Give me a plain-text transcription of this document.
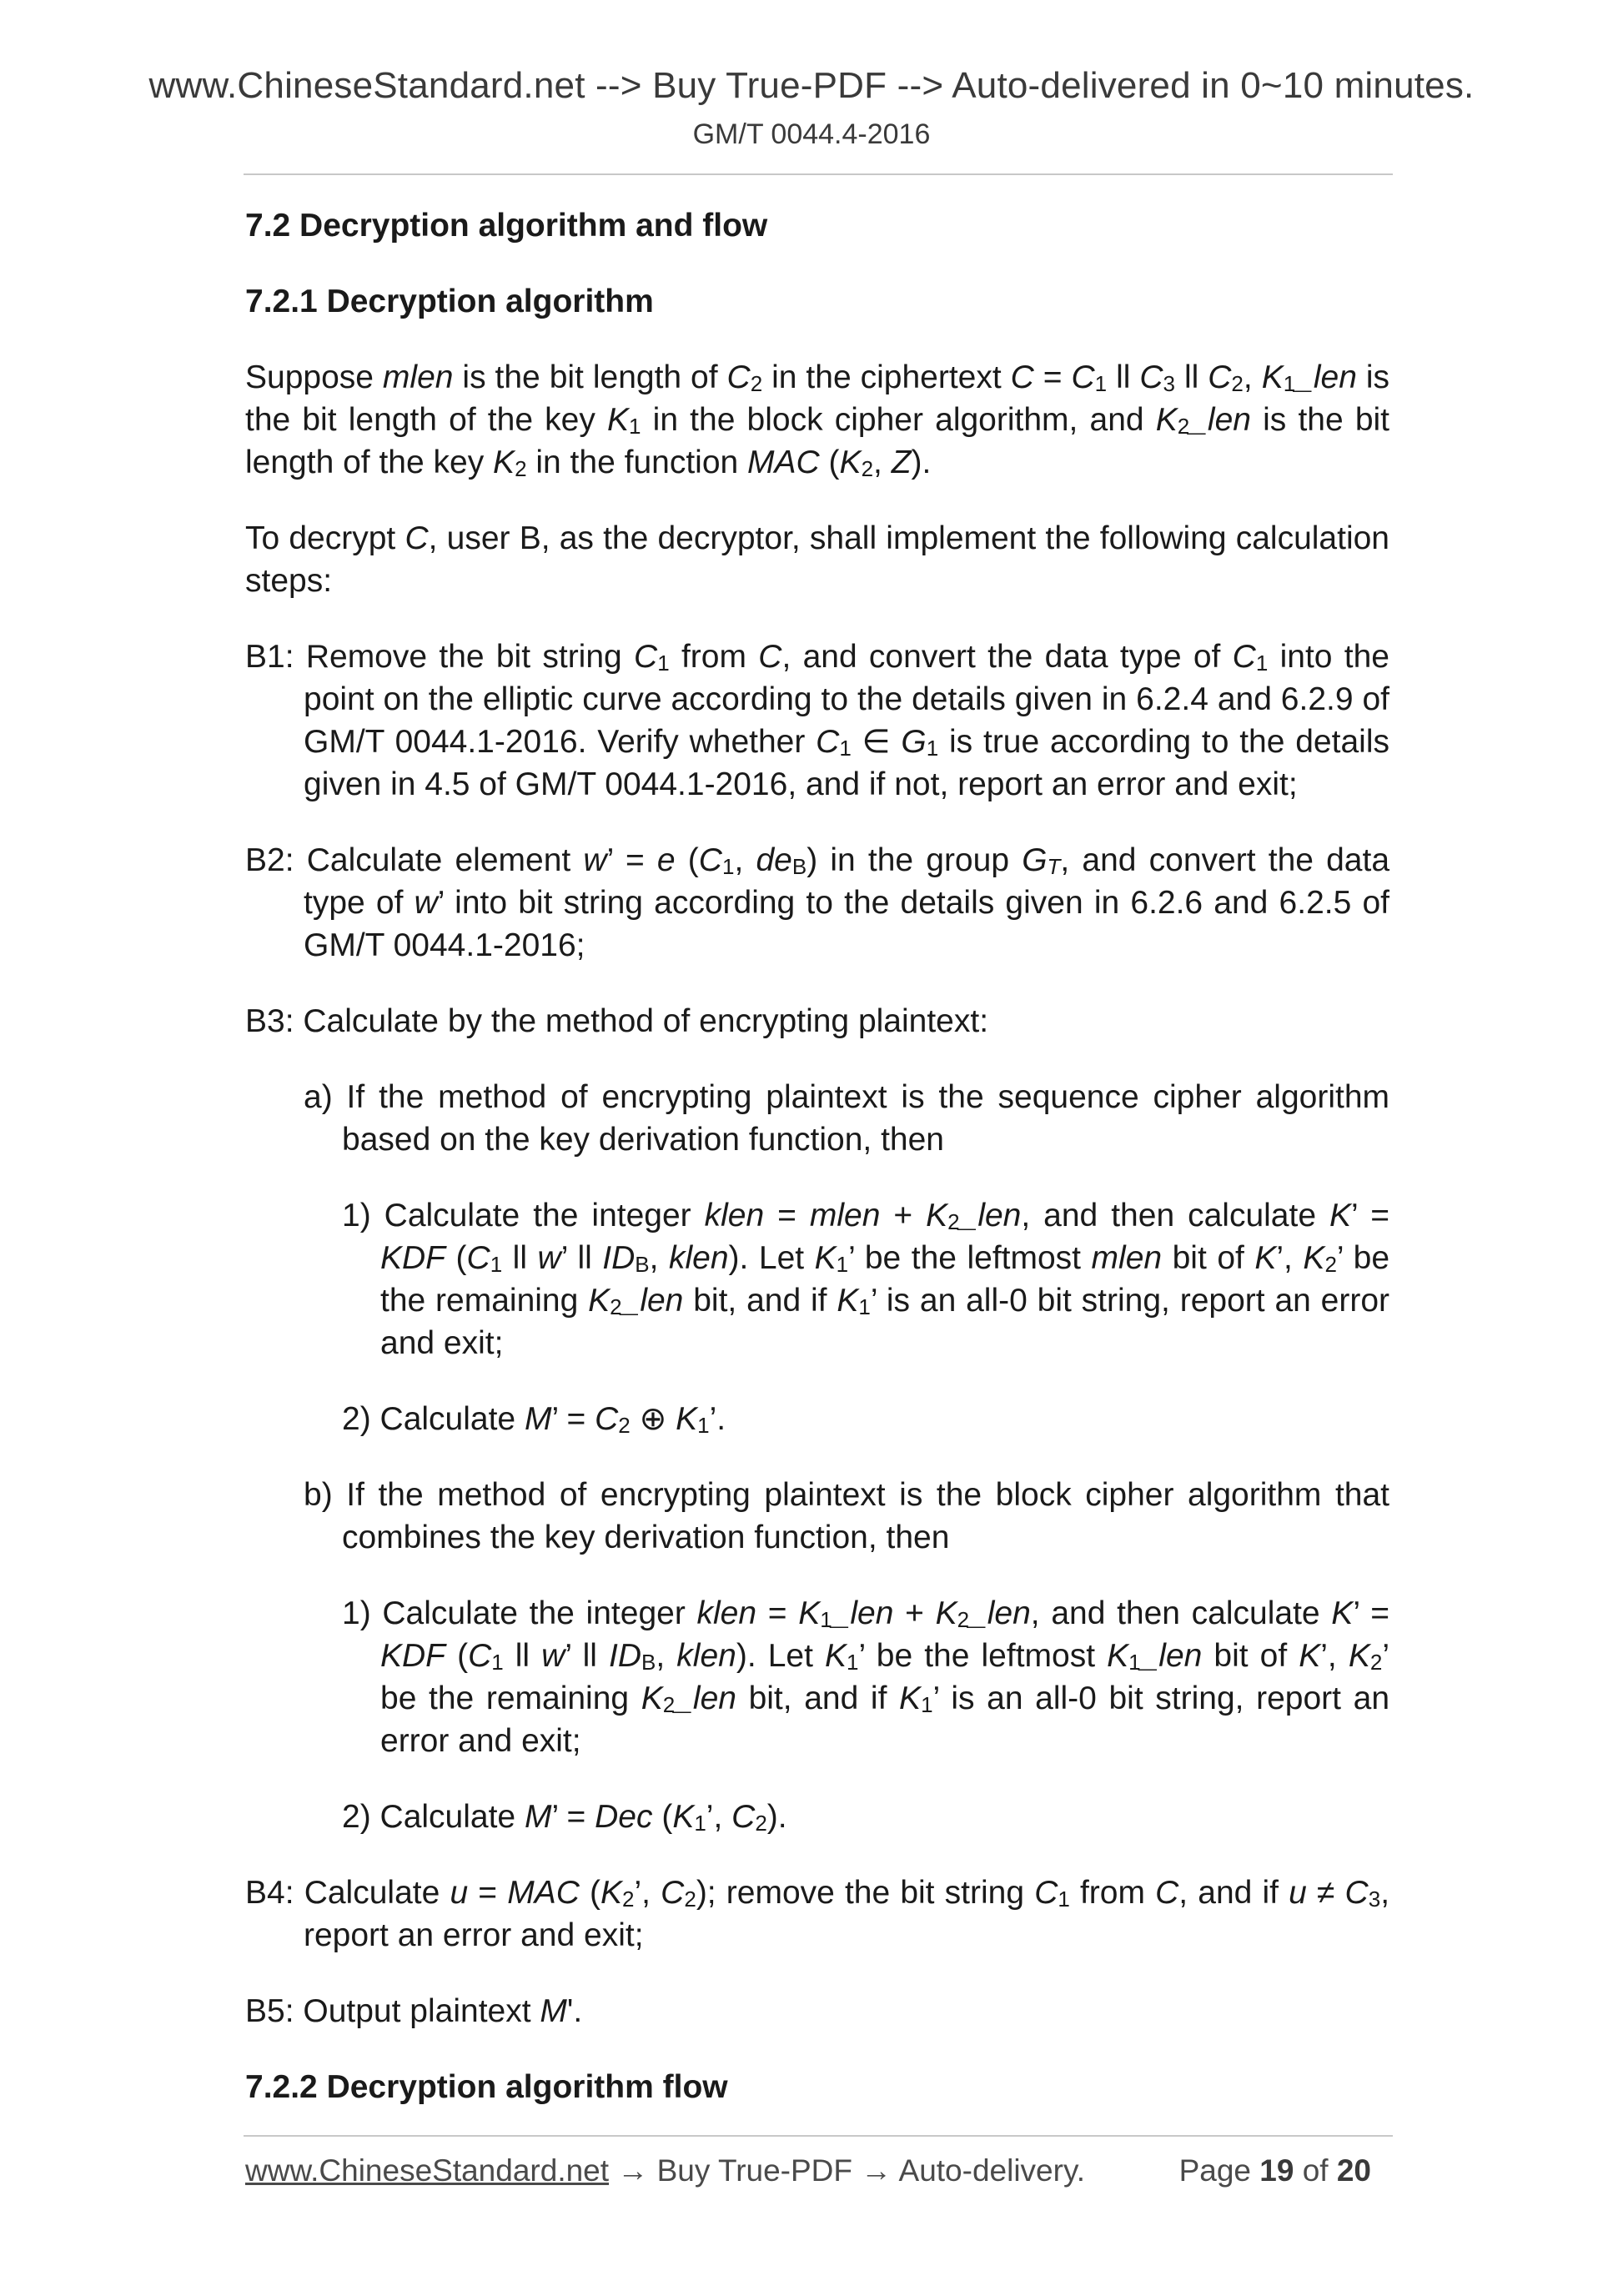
www.ChineseStandard.net --> Buy True-PDF --> Auto-delivered in 0~10 minutes.
GM/T 0044.4-2016

7.2 Decryption algorithm and flow

7.2.1 Decryption algorithm

Suppose mlen is the bit length of $C_2$ in the ciphertext $C = C_1$ ll $C_3$ ll $C_2$, $K_1\_len$ is the bit length of the key $K_1$ in the block cipher algorithm, and $K_2\_len$ is the bit length of the key $K_2$ in the function MAC ($K_2$, Z).

To decrypt C, user B, as the decryptor, shall implement the following calculation steps:

B1: Remove the bit string $C_1$ from C, and convert the data type of $C_1$ into the point on the elliptic curve according to the details given in 6.2.4 and 6.2.9 of GM/T 0044.1-2016. Verify whether $C_1$ ∈ $G_1$ is true according to the details given in 4.5 of GM/T 0044.1-2016, and if not, report an error and exit;

B2: Calculate element w’ = e ($C_1$, $de_B$) in the group $G_T$, and convert the data type of w’ into bit string according to the details given in 6.2.6 and 6.2.5 of GM/T 0044.1-2016;

B3: Calculate by the method of encrypting plaintext:

a) If the method of encrypting plaintext is the sequence cipher algorithm based on the key derivation function, then

1) Calculate the integer klen = mlen + $K_2\_len$, and then calculate K’ = KDF ($C_1$ ll w’ ll $ID_B$, klen). Let $K_1$’ be the leftmost mlen bit of K’, $K_2$’ be the remaining $K_2\_len$ bit, and if $K_1$’ is an all-0 bit string, report an error and exit;

2) Calculate M’ = $C_2$ ⊕ $K_1$’.

b) If the method of encrypting plaintext is the block cipher algorithm that combines the key derivation function, then

1) Calculate the integer klen = $K_1\_len$ + $K_2\_len$, and then calculate K’ = KDF ($C_1$ ll w’ ll $ID_B$, klen). Let $K_1$’ be the leftmost $K_1\_len$ bit of K’, $K_2$’ be the remaining $K_2\_len$ bit, and if $K_1$’ is an all-0 bit string, report an error and exit;

2) Calculate M’ = Dec ($K_1$’, $C_2$).

B4: Calculate u = MAC ($K_2$’, $C_2$); remove the bit string $C_1$ from C, and if $u \ne C_3$, report an error and exit;

B5: Output plaintext M'.

7.2.2 Decryption algorithm flow

www.ChineseStandard.net → Buy True-PDF → Auto-delivery.	Page 19 of 20
